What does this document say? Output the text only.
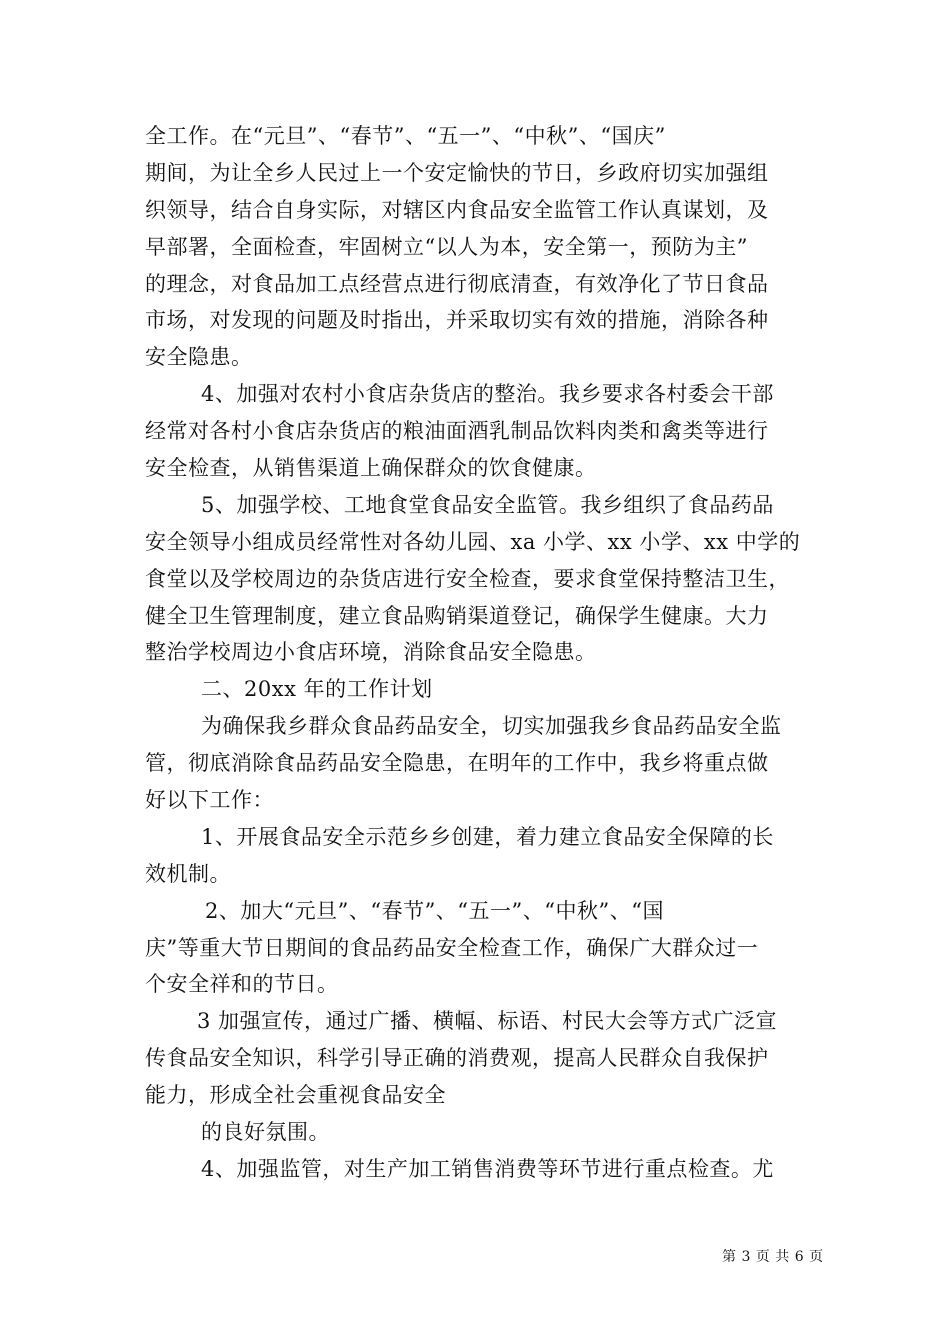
全工作。在“元旦”、“春节”、“五一”、“中秋”、“国庆”
期间，为让全乡人民过上一个安定愉快的节日，乡政府切实加强组
织领导，结合自身实际，对辖区内食品安全监管工作认真谋划，及
早部署，全面检查，牢固树立“以人为本，安全第一，预防为主”
的理念，对食品加工点经营点进行彻底清查，有效净化了节日食品
市场，对发现的问题及时指出，并采取切实有效的措施，消除各种
安全隐患。
4、加强对农村小食店杂货店的整治。我乡要求各村委会干部
经常对各村小食店杂货店的粮油面酒乳制品饮料肉类和禽类等进行
安全检查，从销售渠道上确保群众的饮食健康。
5、加强学校、工地食堂食品安全监管。我乡组织了食品药品
安全领导小组成员经常性对各幼儿园、xa 小学、xx 小学、xx 中学的
食堂以及学校周边的杂货店进行安全检查，要求食堂保持整洁卫生，
健全卫生管理制度，建立食品购销渠道登记，确保学生健康。大力
整治学校周边小食店环境，消除食品安全隐患。
二、20xx 年的工作计划
为确保我乡群众食品药品安全，切实加强我乡食品药品安全监
管，彻底消除食品药品安全隐患，在明年的工作中，我乡将重点做
好以下工作：
1、开展食品安全示范乡乡创建，着力建立食品安全保障的长
效机制。
2、加大“元旦”、“春节”、“五一”、“中秋”、“国
庆”等重大节日期间的食品药品安全检查工作，确保广大群众过一
个安全祥和的节日。
3 加强宣传，通过广播、横幅、标语、村民大会等方式广泛宣
传食品安全知识，科学引导正确的消费观，提高人民群众自我保护
能力，形成全社会重视食品安全
的良好氛围。
4、加强监管，对生产加工销售消费等环节进行重点检查。尤
第 3 页 共 6 页
